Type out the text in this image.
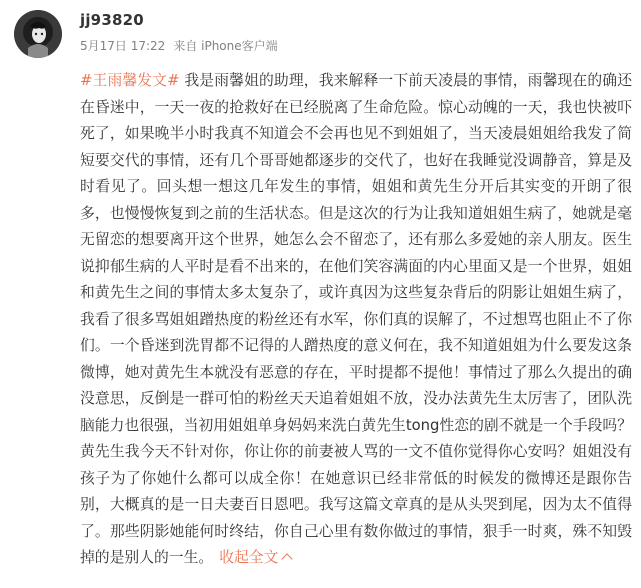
jj93820
5月17日 17:22 来自 iPhone客户端
#王雨馨发文# 我是雨馨姐的助理，我来解释一下前天凌晨的事情，雨馨现在的确还在昏迷中，一天一夜的抢救好在已经脱离了生命危险。惊心动魄的一天，我也快被吓死了，如果晚半小时我真不知道会不会再也见不到姐姐了，当天凌晨姐姐给我发了简短要交代的事情，还有几个哥哥她都逐步的交代了，也好在我睡觉没调静音，算是及时看见了。回头想一想这几年发生的事情，姐姐和黄先生分开后其实变的开朗了很多，也慢慢恢复到之前的生活状态。但是这次的行为让我知道姐姐生病了，她就是毫无留恋的想要离开这个世界，她怎么会不留恋了，还有那么多爱她的亲人朋友。医生说抑郁生病的人平时是看不出来的，在他们笑容满面的内心里面又是一个世界，姐姐和黄先生之间的事情太多太复杂了，或许真因为这些复杂背后的阴影让姐姐生病了，我看了很多骂姐姐蹭热度的粉丝还有水军，你们真的误解了，不过想骂也阻止不了你们。一个昏迷到洗胃都不记得的人蹭热度的意义何在，我不知道姐姐为什么要发这条微博，她对黄先生本就没有恶意的存在，平时提都不提他！事情过了那么久提出的确没意思，反倒是一群可怕的粉丝天天追着姐姐不放，没办法黄先生太厉害了，团队洗脑能力也很强，当初用姐姐单身妈妈来洗白黄先生tong性恋的剧不就是一个手段吗？黄先生我今天不针对你，你让你的前妻被人骂的一文不值你觉得你心安吗？姐姐没有孩子为了你她什么都可以成全你！在她意识已经非常低的时候发的微博还是跟你告别，大概真的是一日夫妻百日恩吧。我写这篇文章真的是从头哭到尾，因为太不值得了。那些阴影她能何时终结，你自己心里有数你做过的事情，狠手一时爽，殊不知毁掉的是别人的一生。 收起全文
